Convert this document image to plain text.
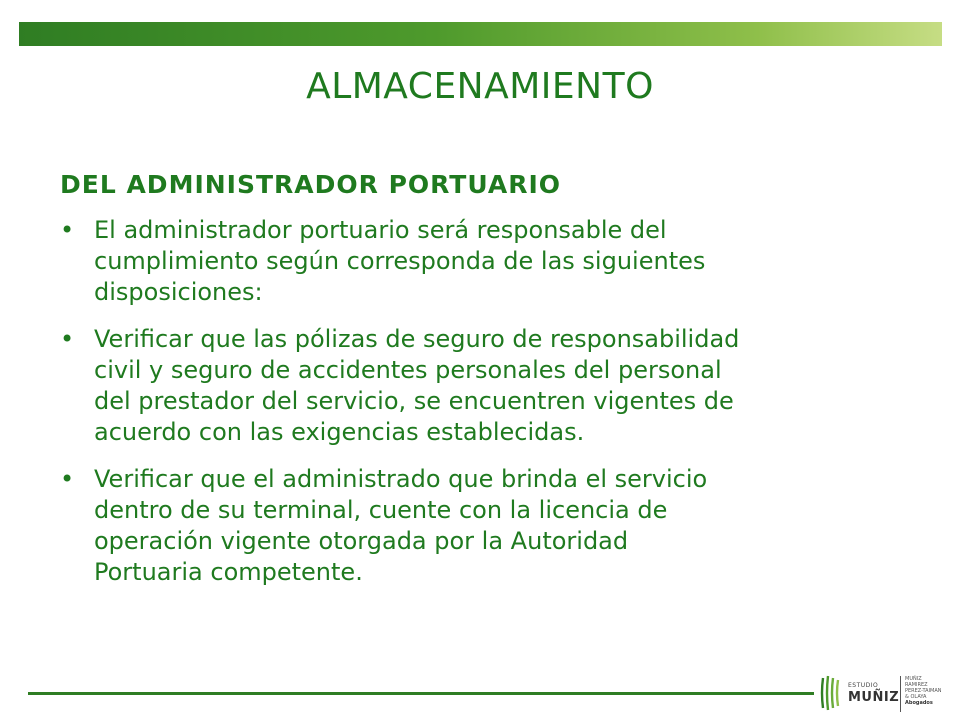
ALMACENAMIENTO
DEL ADMINISTRADOR PORTUARIO
• El administrador portuario será responsable del
cumplimiento según corresponda de las siguientes
disposiciones:
• Verificar que las pólizas de seguro de responsabilidad
civil y seguro de accidentes personales del personal
del prestador del servicio, se encuentren vigentes de
acuerdo con las exigencias establecidas.
• Verificar que el administrado que brinda el servicio
dentro de su terminal, cuente con la licencia de
operación vigente otorgada por la Autoridad
Portuaria competente.
ESTUDIO
MUÑIZ
MUÑIZ
RAMIREZ
PEREZ-TAIMAN
& OLAYA
Abogados
